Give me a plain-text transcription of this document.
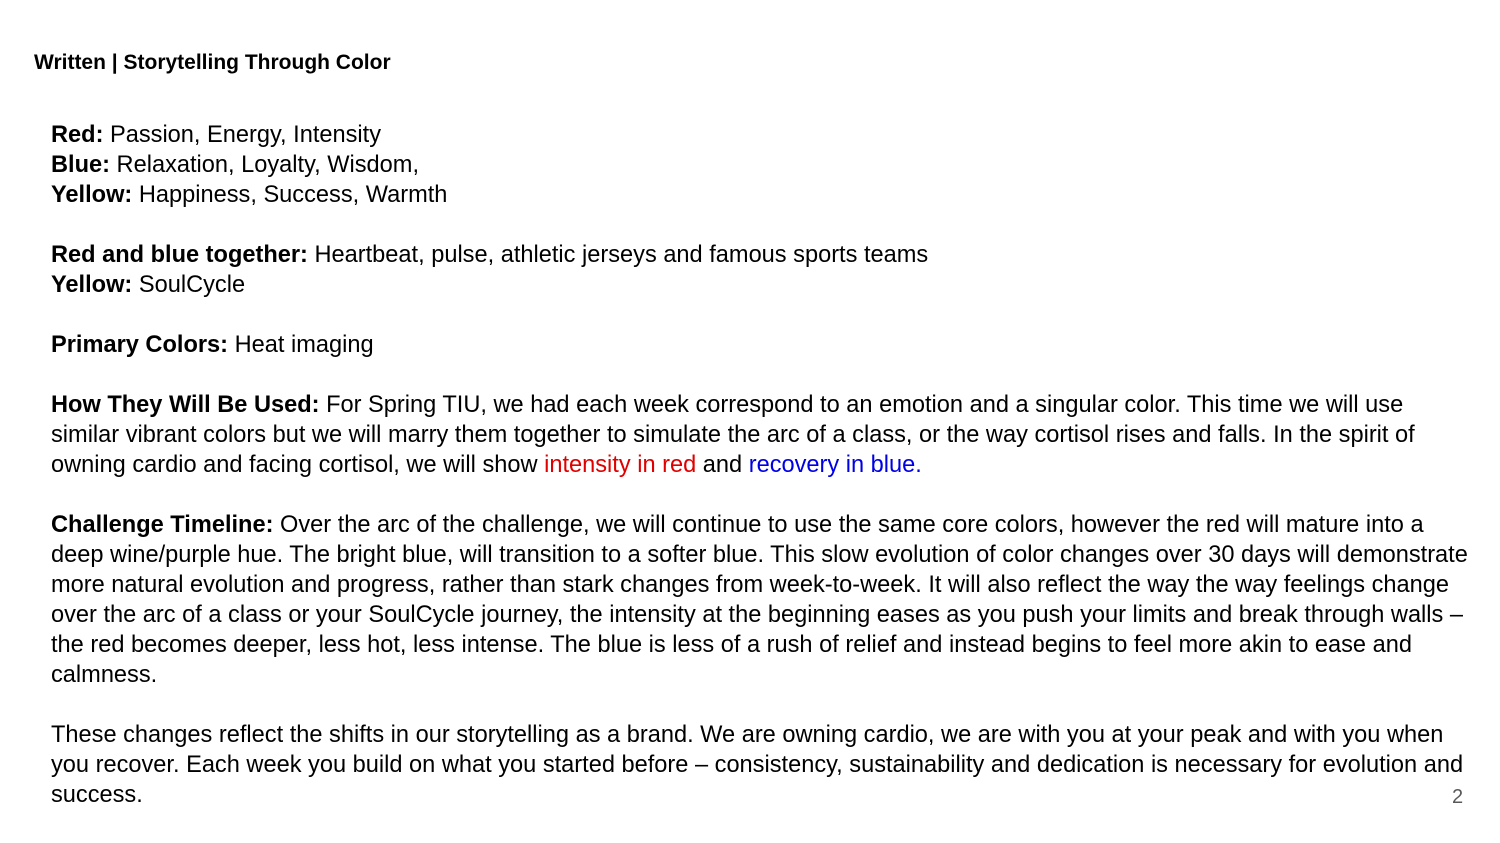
Written | Storytelling Through Color

Red: Passion, Energy, Intensity

Blue: Relaxation, Loyalty, Wisdom,

Yellow: Happiness, Success, Warmth

Red and blue together: Heartbeat, pulse, athletic jerseys and famous sports teams

Yellow: SoulCycle

Primary Colors: Heat imaging

How They Will Be Used: For Spring TIU, we had each week correspond to an emotion and a singular color. This time we will use similar vibrant colors but we will marry them together to simulate the arc of a class, or the way cortisol rises and falls. In the spirit of owning cardio and facing cortisol, we will show intensity in red and recovery in blue.

Challenge Timeline: Over the arc of the challenge, we will continue to use the same core colors, however the red will mature into a deep wine/purple hue. The bright blue, will transition to a softer blue. This slow evolution of color changes over 30 days will demonstrate more natural evolution and progress, rather than stark changes from week-to-week. It will also reflect the way the way feelings change over the arc of a class or your SoulCycle journey, the intensity at the beginning eases as you push your limits and break through walls – the red becomes deeper, less hot, less intense. The blue is less of a rush of relief and instead begins to feel more akin to ease and calmness.

These changes reflect the shifts in our storytelling as a brand. We are owning cardio, we are with you at your peak and with you when you recover. Each week you build on what you started before – consistency, sustainability and dedication is necessary for evolution and success.	2
